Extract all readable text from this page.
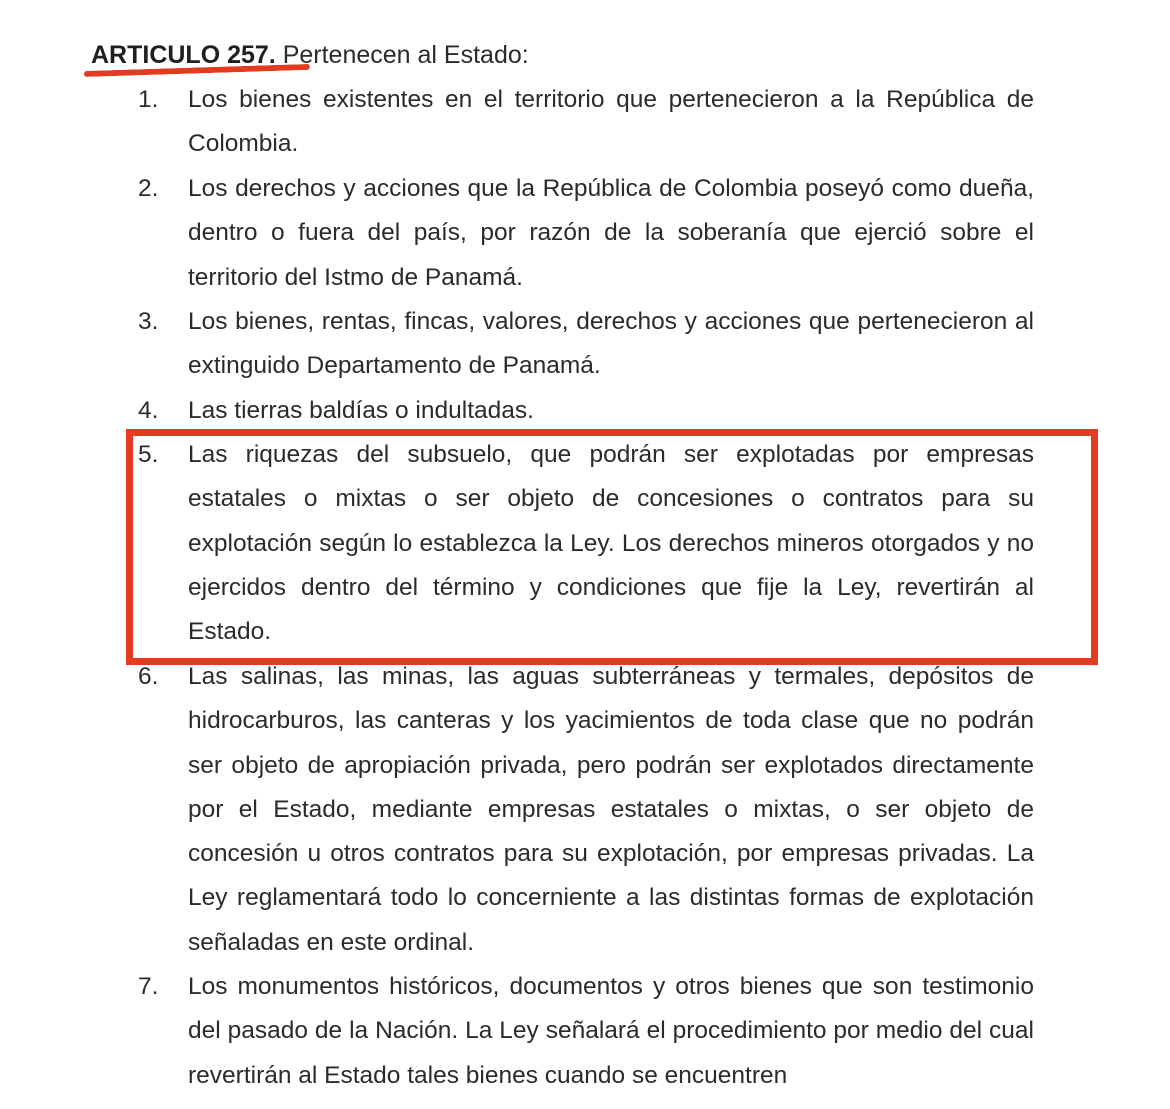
ARTICULO 257. Pertenecen al Estado:
1.	Los bienes existentes en el territorio que pertenecieron a la República de Colombia.
2.	Los derechos y acciones que la República de Colombia poseyó como dueña, dentro o fuera del país, por razón de la soberanía que ejerció sobre el territorio del Istmo de Panamá.
3.	Los bienes, rentas, fincas, valores, derechos y acciones que pertenecieron al extinguido Departamento de Panamá.
4.	Las tierras baldías o indultadas.
5.	Las riquezas del subsuelo, que podrán ser explotadas por empresas estatales o mixtas o ser objeto de concesiones o contratos para su explotación según lo establezca la Ley. Los derechos mineros otorgados y no ejercidos dentro del término y condiciones que fije la Ley, revertirán al Estado.
6.	Las salinas, las minas, las aguas subterráneas y termales, depósitos de hidrocarburos, las canteras y los yacimientos de toda clase que no podrán ser objeto de apropiación privada, pero podrán ser explotados directamente por el Estado, mediante empresas estatales o mixtas, o ser objeto de concesión u otros contratos para su explotación, por empresas privadas. La Ley reglamentará todo lo concerniente a las distintas formas de explotación señaladas en este ordinal.
7.	Los monumentos históricos, documentos y otros bienes que son testimonio del pasado de la Nación. La Ley señalará el procedimiento por medio del cual revertirán al Estado tales bienes cuando se encuentren
